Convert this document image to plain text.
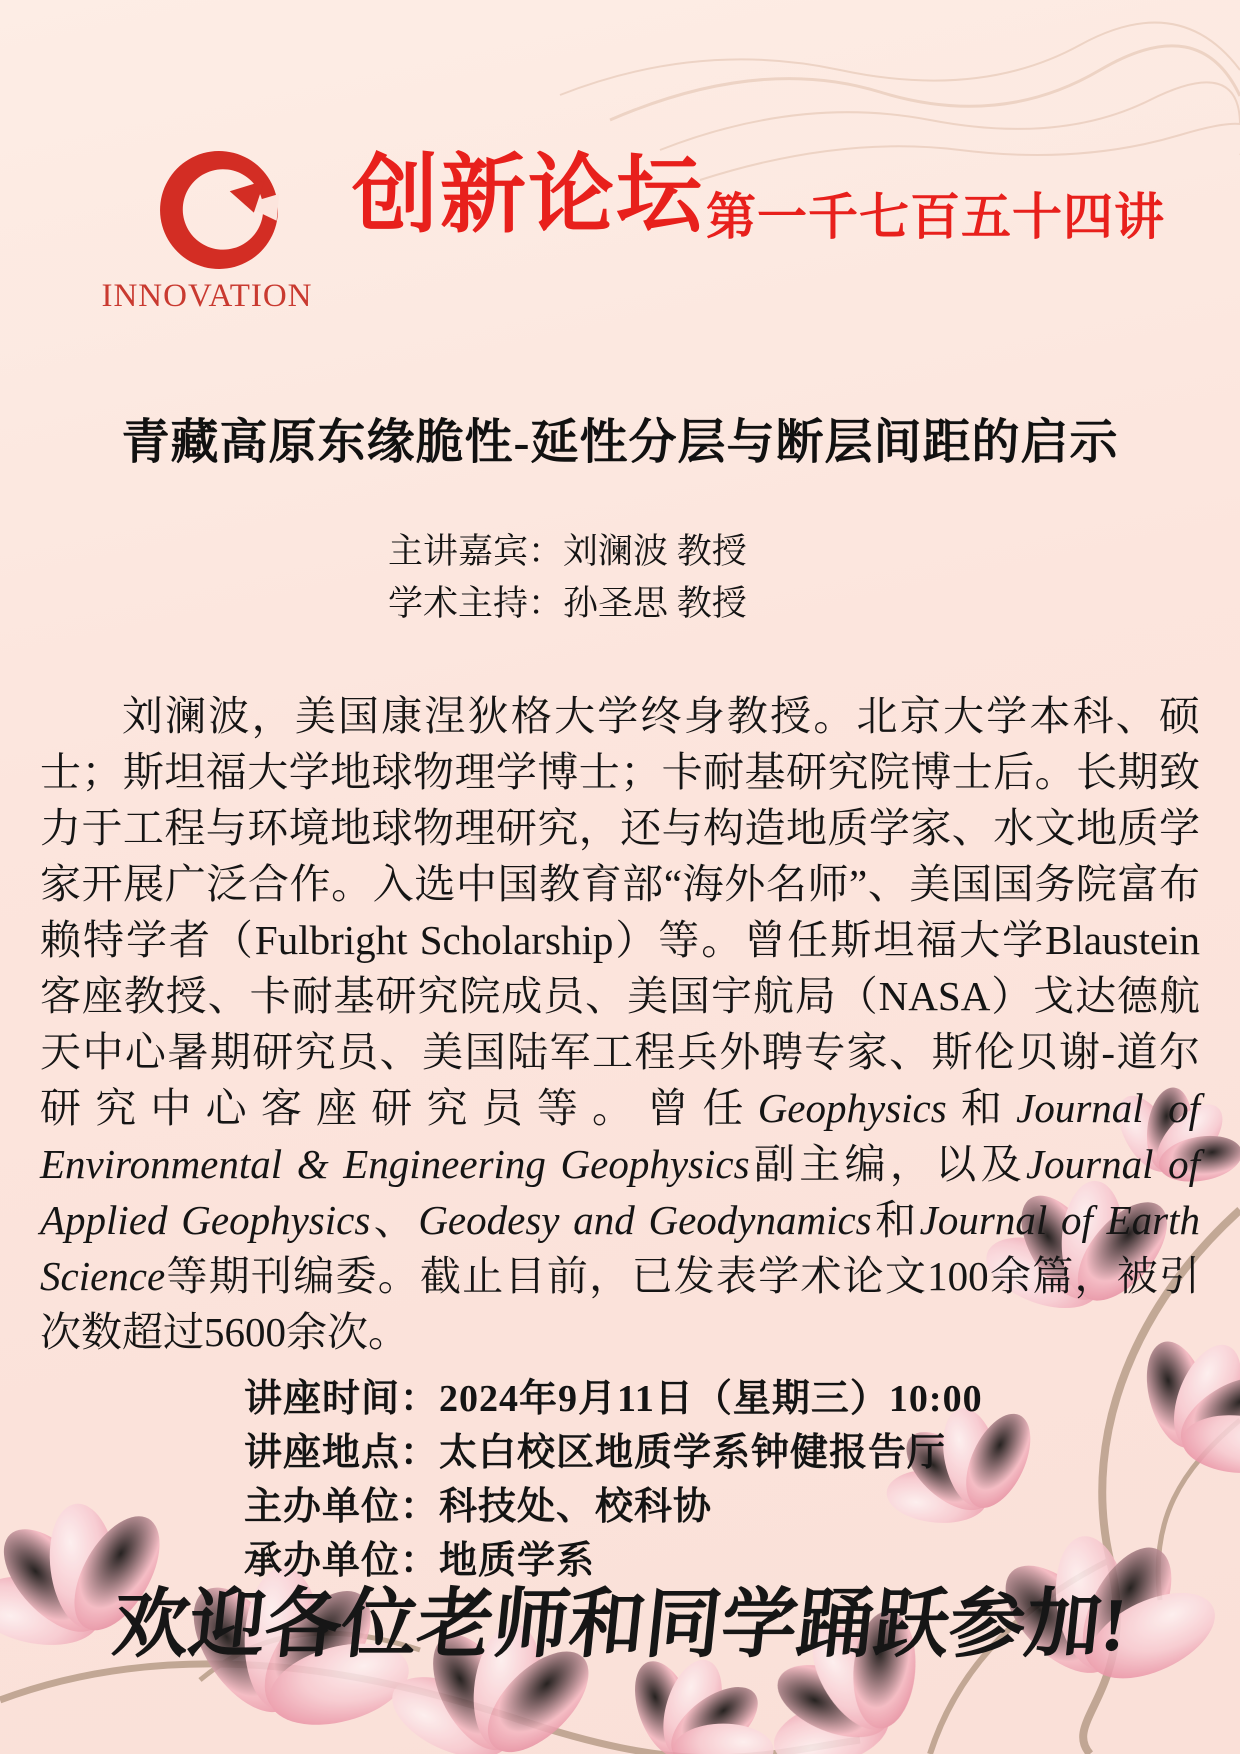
INNOVATION
创新论坛 第一千七百五十四讲
青藏高原东缘脆性-延性分层与断层间距的启示
主讲嘉宾：刘澜波 教授
学术主持：孙圣思 教授

刘澜波，美国康涅狄格大学终身教授。北京大学本科、硕士；斯坦福大学地球物理学博士；卡耐基研究院博士后。长期致力于工程与环境地球物理研究，还与构造地质学家、水文地质学家开展广泛合作。入选中国教育部“海外名师”、美国国务院富布赖特学者（Fulbright Scholarship）等。曾任斯坦福大学Blaustein客座教授、卡耐基研究院成员、美国宇航局（NASA）戈达德航天中心暑期研究员、美国陆军工程兵外聘专家、斯伦贝谢-道尔研究中心客座研究员等。曾任Geophysics和Journal of Environmental & Engineering Geophysics副主编，以及Journal of Applied Geophysics、Geodesy and Geodynamics和Journal of Earth Science等期刊编委。截止目前，已发表学术论文100余篇，被引次数超过5600余次。

讲座时间：2024年9月11日（星期三）10:00
讲座地点：太白校区地质学系钟健报告厅
主办单位：科技处、校科协
承办单位：地质学系
欢迎各位老师和同学踊跃参加!
